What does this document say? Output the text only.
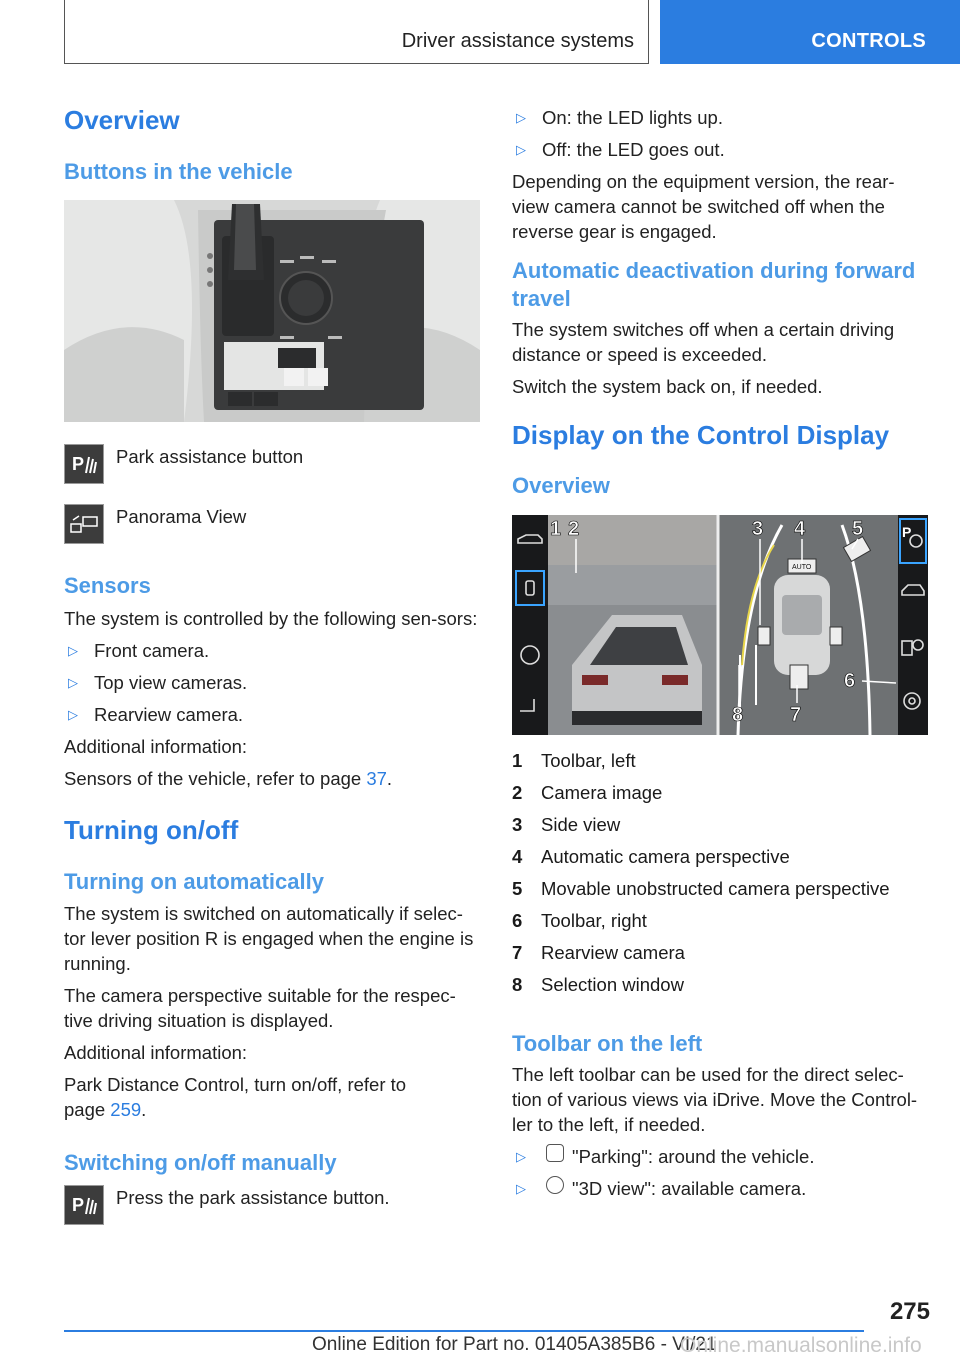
Driver assistance systems	CONTROLS
Overview
Buttons in the vehicle
P Park assistance button
Panorama View
Sensors
The system is controlled by the following sen‐sors:
▷ Front camera.
▷ Top view cameras.
▷ Rearview camera.
Additional information:
Sensors of the vehicle, refer to page 37.
Turning on/off
Turning on automatically
The system is switched on automatically if selec‐tor lever position R is engaged when the engine is running.
The camera perspective suitable for the respec‐tive driving situation is displayed.
Additional information:
Park Distance Control, turn on/off, refer to
page 259.
Switching on/off manually
P Press the park assistance button.
▷ On: the LED lights up.
▷ Off: the LED goes out.
Depending on the equipment version, the rear‐view camera cannot be switched off when the reverse gear is engaged.
Automatic deactivation during forward travel
The system switches off when a certain driving distance or speed is exceeded.
Switch the system back on, if needed.
Display on the Control Display
Overview
AUTO
P
1 2	3 4 5
6
7
8
1	Toolbar, left
2	Camera image
3	Side view
4	Automatic camera perspective
5	Movable unobstructed camera perspective
6	Toolbar, right
7	Rearview camera
8	Selection window
Toolbar on the left
The left toolbar can be used for the direct selec‐tion of various views via iDrive. Move the Control‐ler to the left, if needed.
▷	"Parking": around the vehicle.
▷	"3D view": available camera.
275
Online Edition for Part no. 01405A385B6 - VI/21
Online.manualsonline.info
